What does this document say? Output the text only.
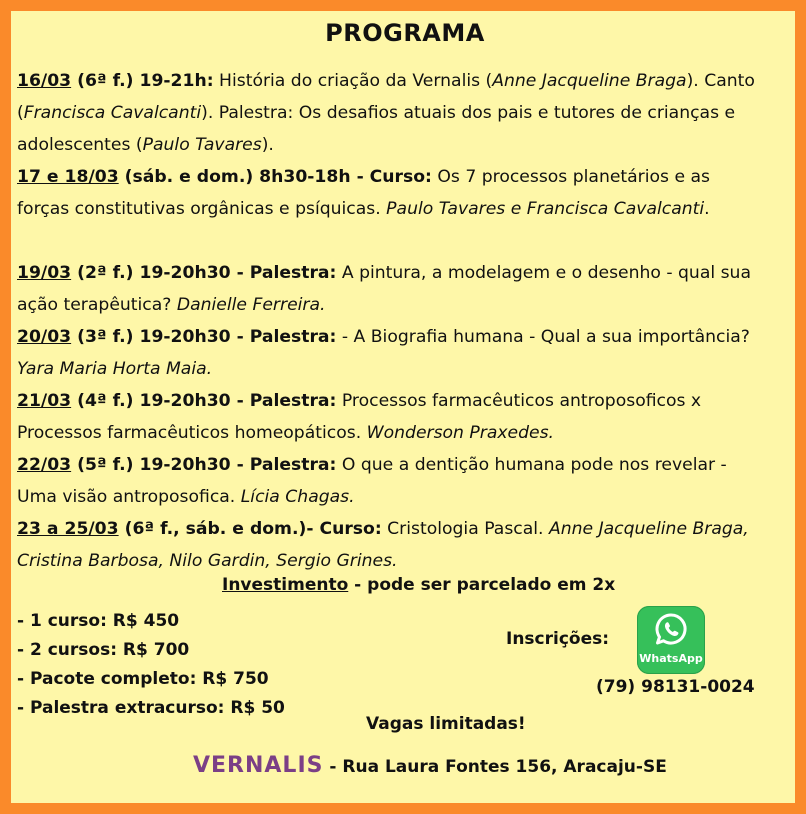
PROGRAMA
16/03 (6ª f.) 19-21h: História do criação da Vernalis (Anne Jacqueline Braga). Canto (Francisca Cavalcanti). Palestra: Os desafios atuais dos pais e tutores de crianças e adolescentes (Paulo Tavares).
17 e 18/03 (sáb. e dom.) 8h30-18h - Curso: Os 7 processos planetários e as forças constitutivas orgânicas e psíquicas. Paulo Tavares e Francisca Cavalcanti.
19/03 (2ª f.) 19-20h30 - Palestra: A pintura, a modelagem e o desenho - qual sua ação terapêutica? Danielle Ferreira.
20/03 (3ª f.) 19-20h30 - Palestra: - A Biografia humana - Qual a sua importância? Yara Maria Horta Maia.
21/03 (4ª f.) 19-20h30 - Palestra: Processos farmacêuticos antroposoficos x Processos farmacêuticos homeopáticos. Wonderson Praxedes.
22/03 (5ª f.) 19-20h30 - Palestra: O que a dentição humana pode nos revelar - Uma visão antroposofica. Lícia Chagas.
23 a 25/03 (6ª f., sáb. e dom.)- Curso: Cristologia Pascal. Anne Jacqueline Braga, Cristina Barbosa, Nilo Gardin, Sergio Grines.
Investimento - pode ser parcelado em 2x
- 1 curso: R$ 450
- 2 cursos: R$ 700
- Pacote completo: R$ 750
- Palestra extracurso: R$ 50
Inscrições:
WhatsApp
(79) 98131-0024
Vagas limitadas!
VERNALIS - Rua Laura Fontes 156, Aracaju-SE
